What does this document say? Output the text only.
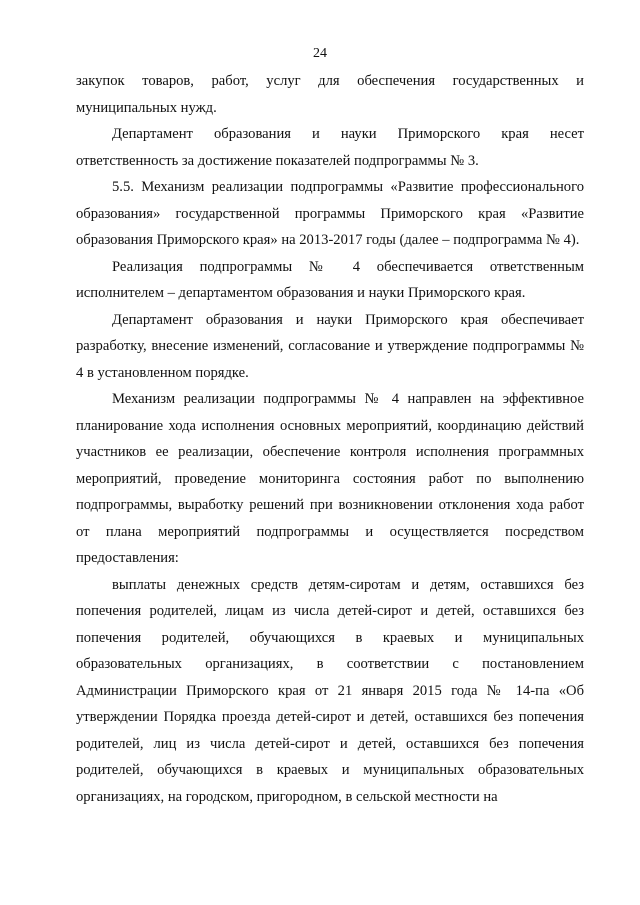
24

закупок товаров, работ, услуг для обеспечения государственных и муниципальных нужд.

Департамент образования и науки Приморского края несет ответственность за достижение показателей подпрограммы № 3.

5.5. Механизм реализации подпрограммы «Развитие профессионального образования» государственной программы Приморского края «Развитие образования Приморского края» на 2013-2017 годы (далее – подпрограмма № 4).

Реализация подпрограммы № 4 обеспечивается ответственным исполнителем – департаментом образования и науки Приморского края.

Департамент образования и науки Приморского края обеспечивает разработку, внесение изменений, согласование и утверждение подпрограммы № 4 в установленном порядке.

Механизм реализации подпрограммы № 4 направлен на эффективное планирование хода исполнения основных мероприятий, координацию действий участников ее реализации, обеспечение контроля исполнения программных мероприятий, проведение мониторинга состояния работ по выполнению подпрограммы, выработку решений при возникновении отклонения хода работ от плана мероприятий подпрограммы и осуществляется посредством предоставления:

выплаты денежных средств детям-сиротам и детям, оставшихся без попечения родителей, лицам из числа детей-сирот и детей, оставшихся без попечения родителей, обучающихся в краевых и муниципальных образовательных организациях, в соответствии с постановлением Администрации Приморского края от 21 января 2015 года № 14-па «Об утверждении Порядка проезда детей-сирот и детей, оставшихся без попечения родителей, лиц из числа детей-сирот и детей, оставшихся без попечения родителей, обучающихся в краевых и муниципальных образовательных организациях, на городском, пригородном, в сельской местности на
